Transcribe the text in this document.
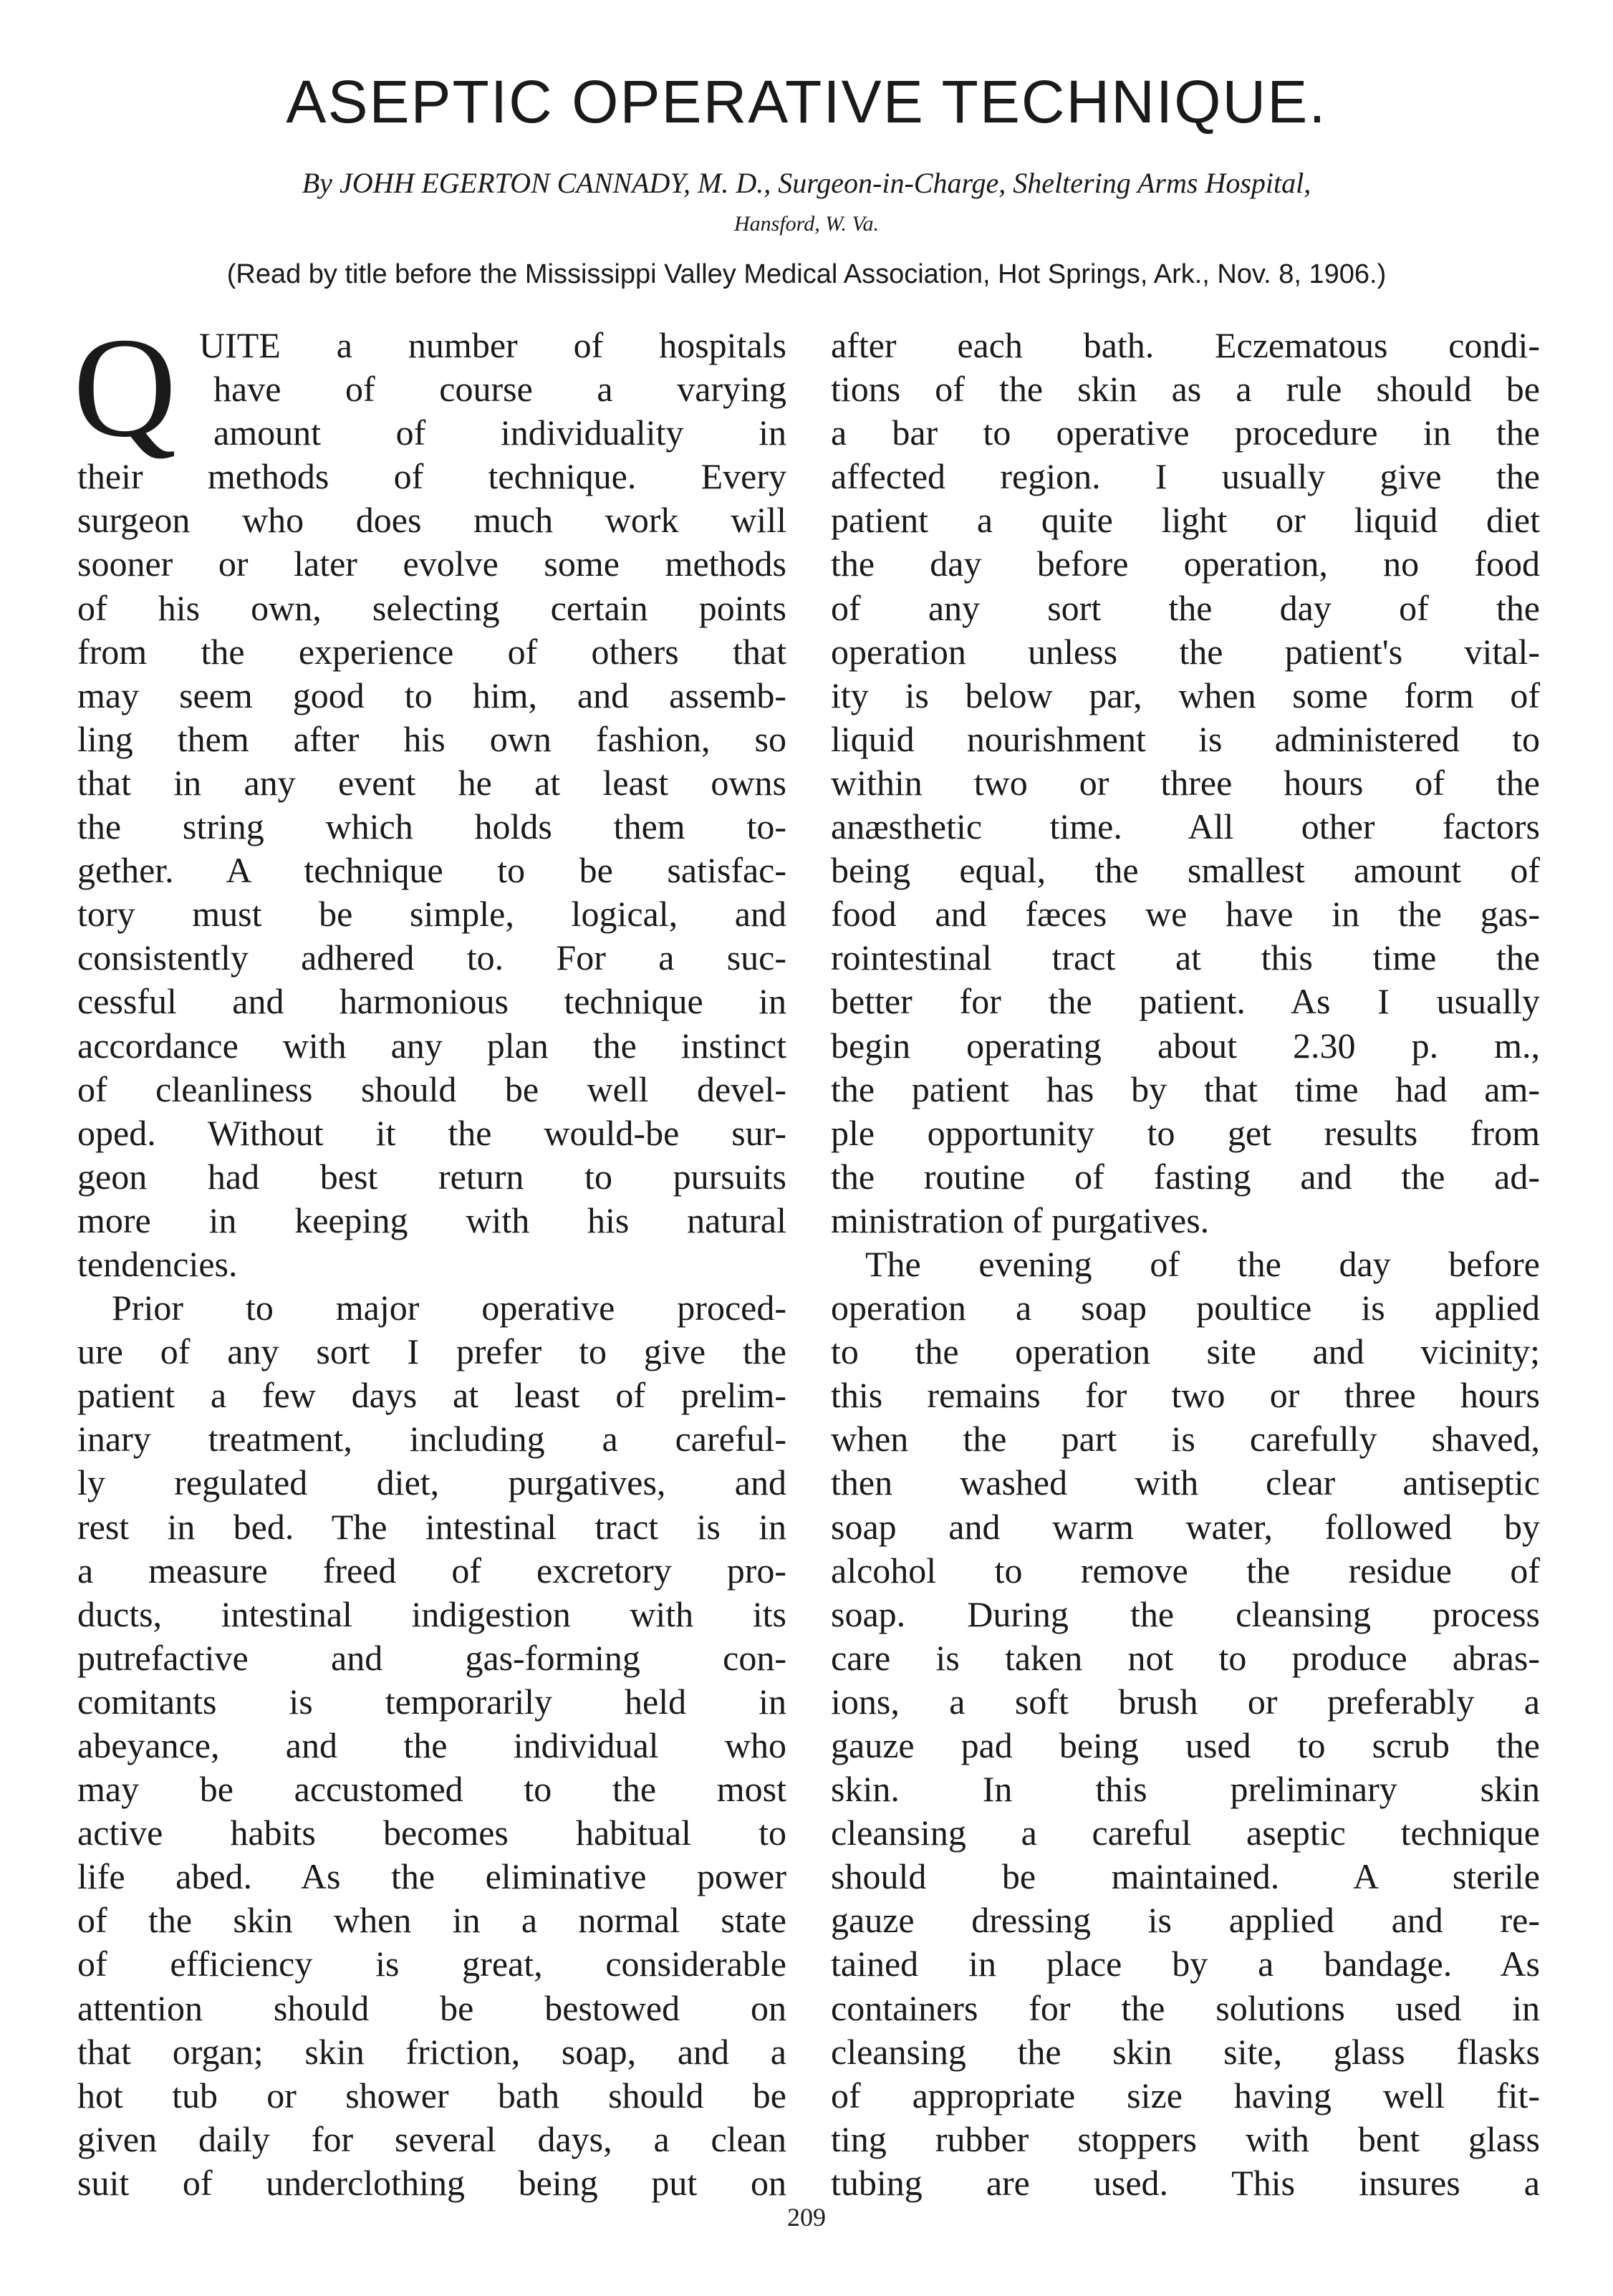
ASEPTIC OPERATIVE TECHNIQUE.
By JOHH EGERTON CANNADY, M. D., Surgeon-in-Charge, Sheltering Arms Hospital,
Hansford, W. Va.
(Read by title before the Mississippi Valley Medical Association, Hot Springs, Ark., Nov. 8, 1906.)
Q UITE a number of hospitals
have of course a varying
amount of individuality in
their methods of technique. Every
surgeon who does much work will
sooner or later evolve some methods
of his own, selecting certain points
from the experience of others that
may seem good to him, and assemb-
ling them after his own fashion, so
that in any event he at least owns
the string which holds them to-
gether. A technique to be satisfac-
tory must be simple, logical, and
consistently adhered to. For a suc-
cessful and harmonious technique in
accordance with any plan the instinct
of cleanliness should be well devel-
oped. Without it the would-be sur-
geon had best return to pursuits
more in keeping with his natural
tendencies.
Prior to major operative proced-
ure of any sort I prefer to give the
patient a few days at least of prelim-
inary treatment, including a careful-
ly regulated diet, purgatives, and
rest in bed. The intestinal tract is in
a measure freed of excretory pro-
ducts, intestinal indigestion with its
putrefactive and gas-forming con-
comitants is temporarily held in
abeyance, and the individual who
may be accustomed to the most
active habits becomes habitual to
life abed. As the eliminative power
of the skin when in a normal state
of efficiency is great, considerable
attention should be bestowed on
that organ; skin friction, soap, and a
hot tub or shower bath should be
given daily for several days, a clean
suit of underclothing being put on
after each bath. Eczematous condi-
tions of the skin as a rule should be
a bar to operative procedure in the
affected region. I usually give the
patient a quite light or liquid diet
the day before operation, no food
of any sort the day of the
operation unless the patient's vital-
ity is below par, when some form of
liquid nourishment is administered to
within two or three hours of the
anæsthetic time. All other factors
being equal, the smallest amount of
food and fæces we have in the gas-
rointestinal tract at this time the
better for the patient. As I usually
begin operating about 2.30 p. m.,
the patient has by that time had am-
ple opportunity to get results from
the routine of fasting and the ad-
ministration of purgatives.
The evening of the day before
operation a soap poultice is applied
to the operation site and vicinity;
this remains for two or three hours
when the part is carefully shaved,
then washed with clear antiseptic
soap and warm water, followed by
alcohol to remove the residue of
soap. During the cleansing process
care is taken not to produce abras-
ions, a soft brush or preferably a
gauze pad being used to scrub the
skin. In this preliminary skin
cleansing a careful aseptic technique
should be maintained. A sterile
gauze dressing is applied and re-
tained in place by a bandage. As
containers for the solutions used in
cleansing the skin site, glass flasks
of appropriate size having well fit-
ting rubber stoppers with bent glass
tubing are used. This insures a
209
